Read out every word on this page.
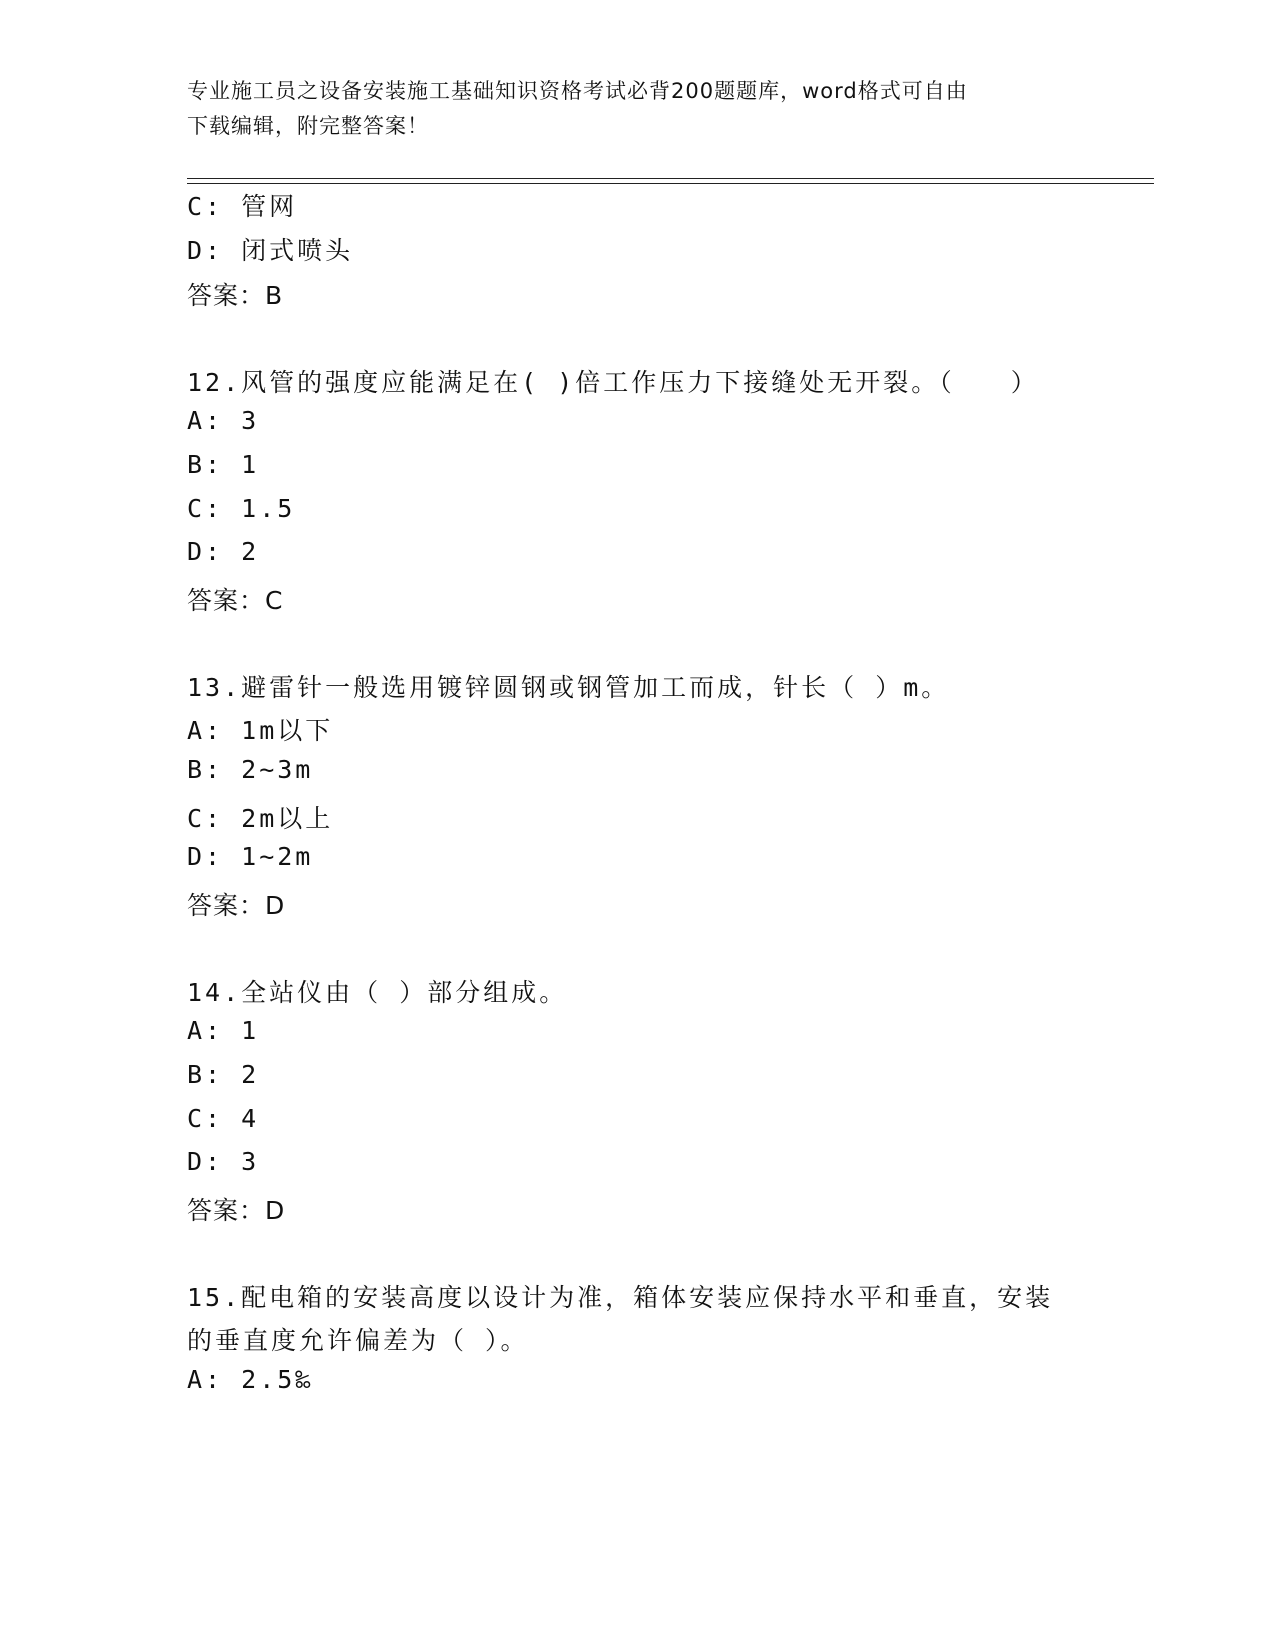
专业施工员之设备安装施工基础知识资格考试必背200题题库，word格式可自由
下载编辑，附完整答案！
C: 管网
D: 闭式喷头
答案：B
12.风管的强度应能满足在( )倍工作压力下接缝处无开裂。（　　）
A: 3
B: 1
C: 1.5
D: 2
答案：C
13.避雷针一般选用镀锌圆钢或钢管加工而成，针长（ ）m。
A: 1m以下
B: 2~3m
C: 2m以上
D: 1~2m
答案：D
14.全站仪由（ ）部分组成。
A: 1
B: 2
C: 4
D: 3
答案：D
15.配电箱的安装高度以设计为准，箱体安装应保持水平和垂直，安装
的垂直度允许偏差为（ ）。
A: 2.5‰
